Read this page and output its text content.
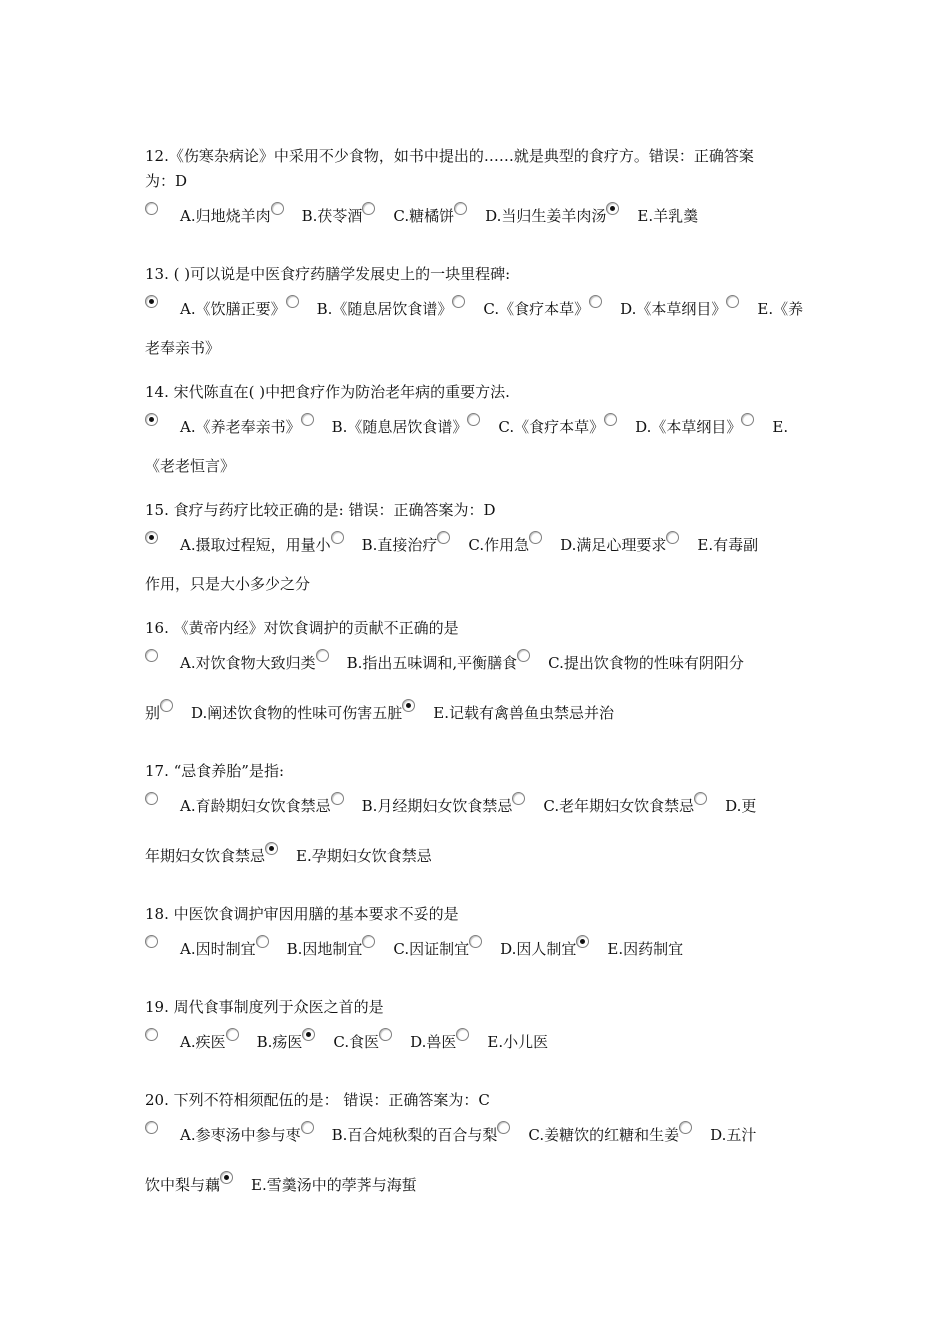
12.《伤寒杂病论》中采用不少食物，如书中提出的……就是典型的食疗方。错误：正确答案
为：D
A.归地烧羊肉 B.茯苓酒 C.糖橘饼 D.当归生姜羊肉汤 E.羊乳羹
13. ( )可以说是中医食疗药膳学发展史上的一块里程碑:
A.《饮膳正要》 B.《随息居饮食谱》 C.《食疗本草》 D.《本草纲目》 E.《养
老奉亲书》
14. 宋代陈直在( )中把食疗作为防治老年病的重要方法.
A.《养老奉亲书》 B.《随息居饮食谱》 C.《食疗本草》 D.《本草纲目》 E.
《老老恒言》
15. 食疗与药疗比较正确的是: 错误：正确答案为：D
A.摄取过程短，用量小 B.直接治疗 C.作用急 D.满足心理要求 E.有毒副
作用，只是大小多少之分
16. 《黄帝内经》对饮食调护的贡献不正确的是
A.对饮食物大致归类 B.指出五味调和,平衡膳食 C.提出饮食物的性味有阴阳分
别 D.阐述饮食物的性味可伤害五脏 E.记载有禽兽鱼虫禁忌并治
17. “忌食养胎”是指:
A.育龄期妇女饮食禁忌 B.月经期妇女饮食禁忌 C.老年期妇女饮食禁忌 D.更
年期妇女饮食禁忌 E.孕期妇女饮食禁忌
18. 中医饮食调护审因用膳的基本要求不妥的是
A.因时制宜 B.因地制宜 C.因证制宜 D.因人制宜 E.因药制宜
19. 周代食事制度列于众医之首的是
A.疾医 B.疡医 C.食医 D.兽医 E.小儿医
20. 下列不符相须配伍的是： 错误：正确答案为：C
A.参枣汤中参与枣 B.百合炖秋梨的百合与梨 C.姜糖饮的红糖和生姜 D.五汁
饮中梨与藕 E.雪羹汤中的荸荠与海蜇
